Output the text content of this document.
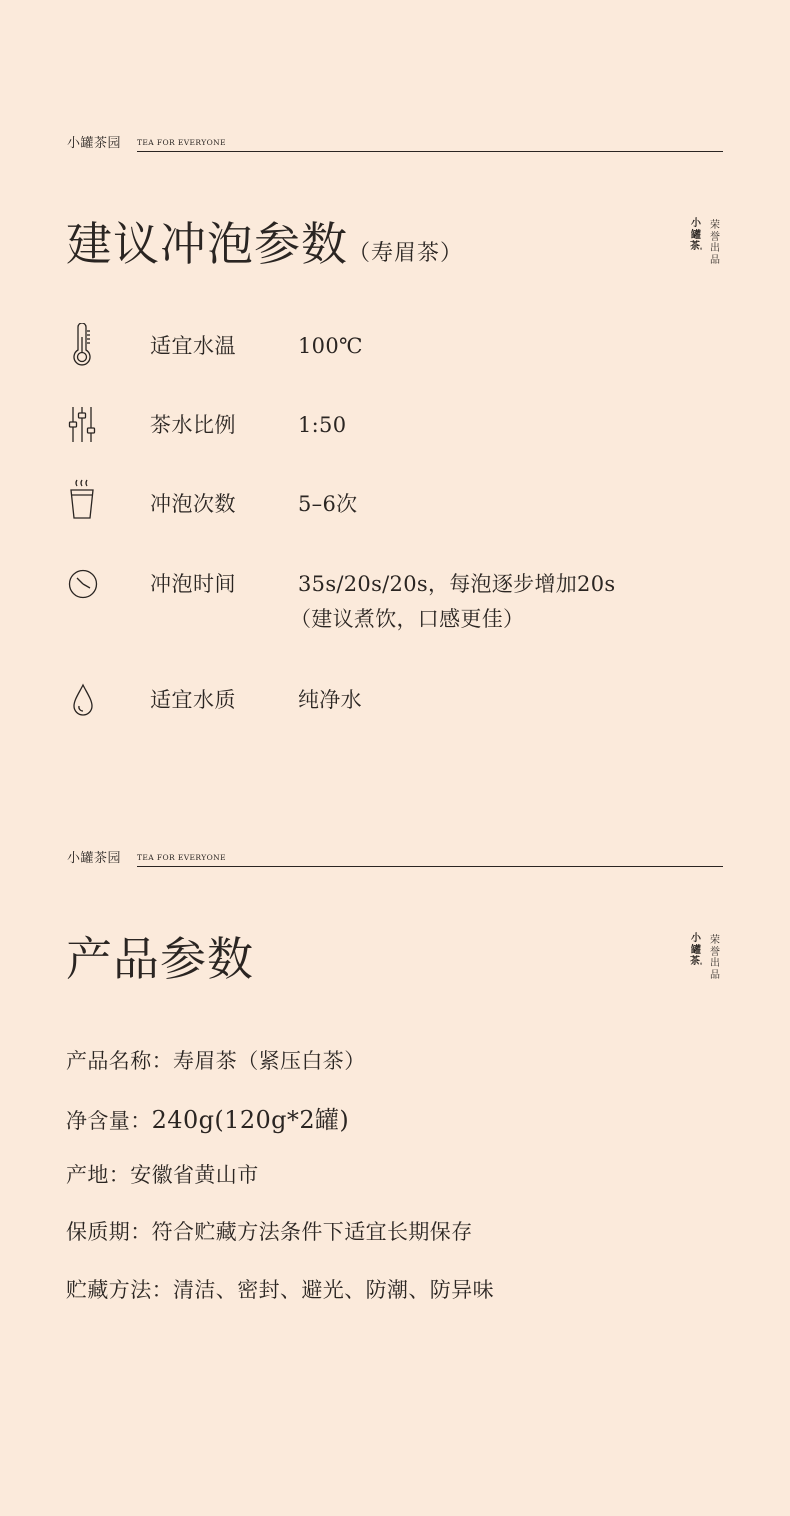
小罐茶园 TEA FOR EVERYONE
建议冲泡参数（寿眉茶）
小
罐
茶。
荣
誉
出
品
适宜水温	100℃
茶水比例	1:50
冲泡次数	5–6次
冲泡时间	35s/20s/20s，每泡逐步增加20s
（建议煮饮，口感更佳）
适宜水质	纯净水
小罐茶园 TEA FOR EVERYONE
产品参数	小
罐
茶。
荣
誉
出
品
产品名称：寿眉茶（紧压白茶）
净含量：240g(120g*2罐)
产地：安徽省黄山市
保质期：符合贮藏方法条件下适宜长期保存
贮藏方法：清洁、密封、避光、防潮、防异味
